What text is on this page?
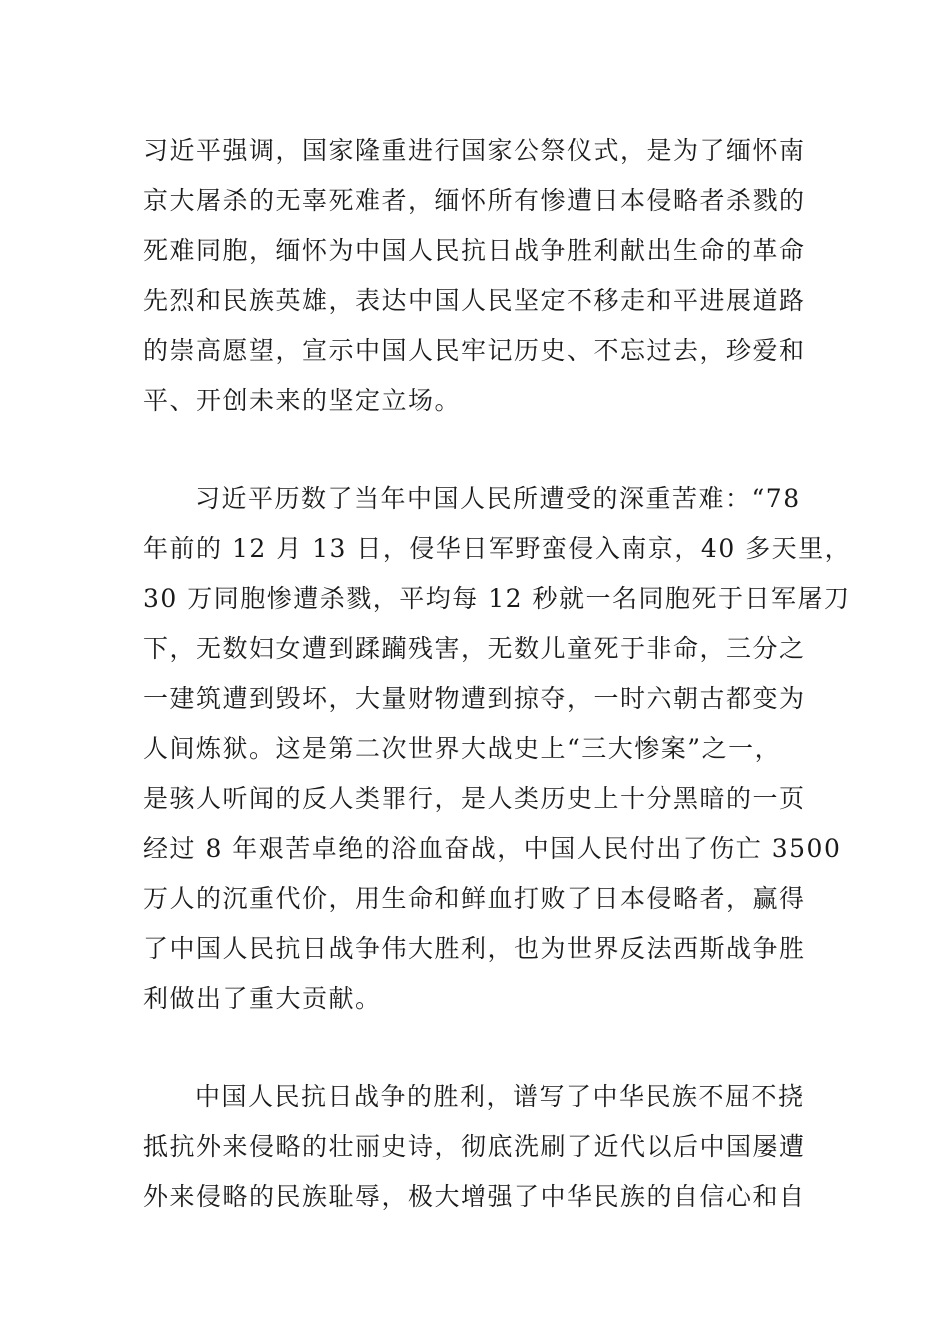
习近平强调，国家隆重进行国家公祭仪式，是为了缅怀南
京大屠杀的无辜死难者，缅怀所有惨遭日本侵略者杀戮的
死难同胞，缅怀为中国人民抗日战争胜利献出生命的革命
先烈和民族英雄，表达中国人民坚定不移走和平进展道路
的崇高愿望，宣示中国人民牢记历史、不忘过去，珍爱和
平、开创未来的坚定立场。
习近平历数了当年中国人民所遭受的深重苦难：“78
年前的 12 月 13 日，侵华日军野蛮侵入南京，40 多天里，
30 万同胞惨遭杀戮，平均每 12 秒就一名同胞死于日军屠刀
下，无数妇女遭到蹂躏残害，无数儿童死于非命，三分之
一建筑遭到毁坏，大量财物遭到掠夺，一时六朝古都变为
人间炼狱。这是第二次世界大战史上“三大惨案”之一，
是骇人听闻的反人类罪行，是人类历史上十分黑暗的一页
经过 8 年艰苦卓绝的浴血奋战，中国人民付出了伤亡 3500
万人的沉重代价，用生命和鲜血打败了日本侵略者，赢得
了中国人民抗日战争伟大胜利，也为世界反法西斯战争胜
利做出了重大贡献。
中国人民抗日战争的胜利，谱写了中华民族不屈不挠
抵抗外来侵略的壮丽史诗，彻底洗刷了近代以后中国屡遭
外来侵略的民族耻辱，极大增强了中华民族的自信心和自
